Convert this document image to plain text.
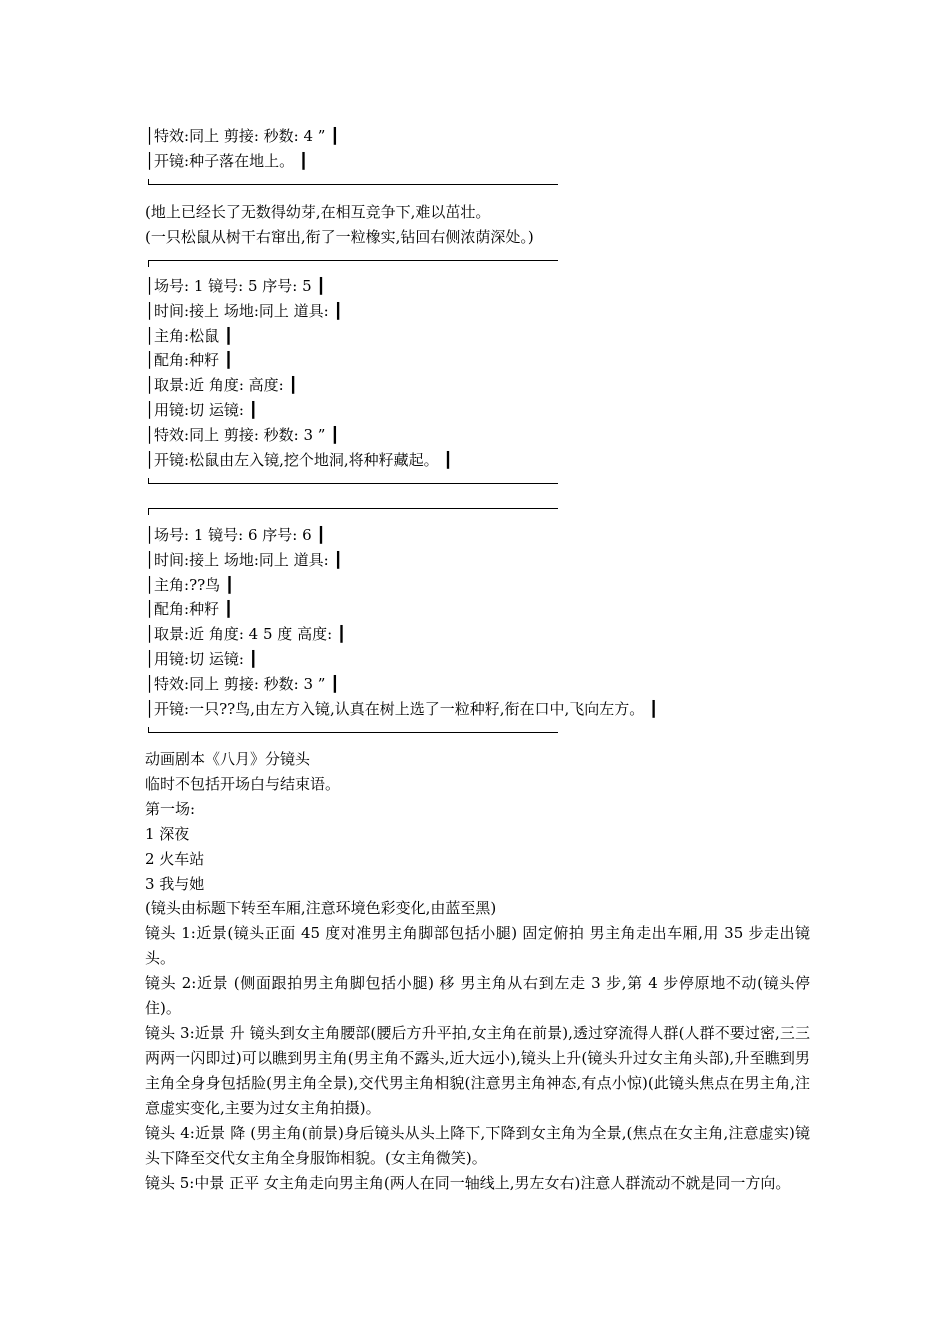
│特效:同上 剪接: 秒数: 4 ” ┃
│开镜:种子落在地上。 ┃
(地上已经长了无数得幼芽,在相互竞争下,难以茁壮。
(一只松鼠从树干右窜出,衔了一粒橡实,钻回右侧浓荫深处。)
│场号: 1 镜号: 5 序号: 5 ┃
│时间:接上 场地:同上 道具: ┃
│主角:松鼠 ┃
│配角:种籽 ┃
│取景:近 角度: 高度: ┃
│用镜:切 运镜: ┃
│特效:同上 剪接: 秒数: 3 ” ┃
│开镜:松鼠由左入镜,挖个地洞,将种籽藏起。 ┃
│场号: 1 镜号: 6 序号: 6 ┃
│时间:接上 场地:同上 道具: ┃
│主角:??鸟 ┃
│配角:种籽 ┃
│取景:近 角度: 4 5 度 高度: ┃
│用镜:切 运镜: ┃
│特效:同上 剪接: 秒数: 3 ” ┃
│开镜:一只??鸟,由左方入镜,认真在树上选了一粒种籽,衔在口中,飞向左方。 ┃
动画剧本《八月》分镜头
临时不包括开场白与结束语。
第一场:
1 深夜
2 火车站
3 我与她
(镜头由标题下转至车厢,注意环境色彩变化,由蓝至黑)
镜头 1:近景(镜头正面 45 度对准男主角脚部包括小腿) 固定俯拍 男主角走出车厢,用 35 步走出镜头。
镜头 2:近景 (侧面跟拍男主角脚包括小腿) 移 男主角从右到左走 3 步,第 4 步停原地不动(镜头停住)。
镜头 3:近景 升 镜头到女主角腰部(腰后方升平拍,女主角在前景),透过穿流得人群(人群不要过密,三三两两一闪即过)可以瞧到男主角(男主角不露头,近大远小),镜头上升(镜头升过女主角头部),升至瞧到男主角全身身包括脸(男主角全景),交代男主角相貌(注意男主角神态,有点小惊)(此镜头焦点在男主角,注意虚实变化,主要为过女主角拍摄)。
镜头 4:近景 降 (男主角(前景)身后镜头从头上降下,下降到女主角为全景,(焦点在女主角,注意虚实)镜头下降至交代女主角全身服饰相貌。(女主角微笑)。
镜头 5:中景 正平 女主角走向男主角(两人在同一轴线上,男左女右)注意人群流动不就是同一方向。
